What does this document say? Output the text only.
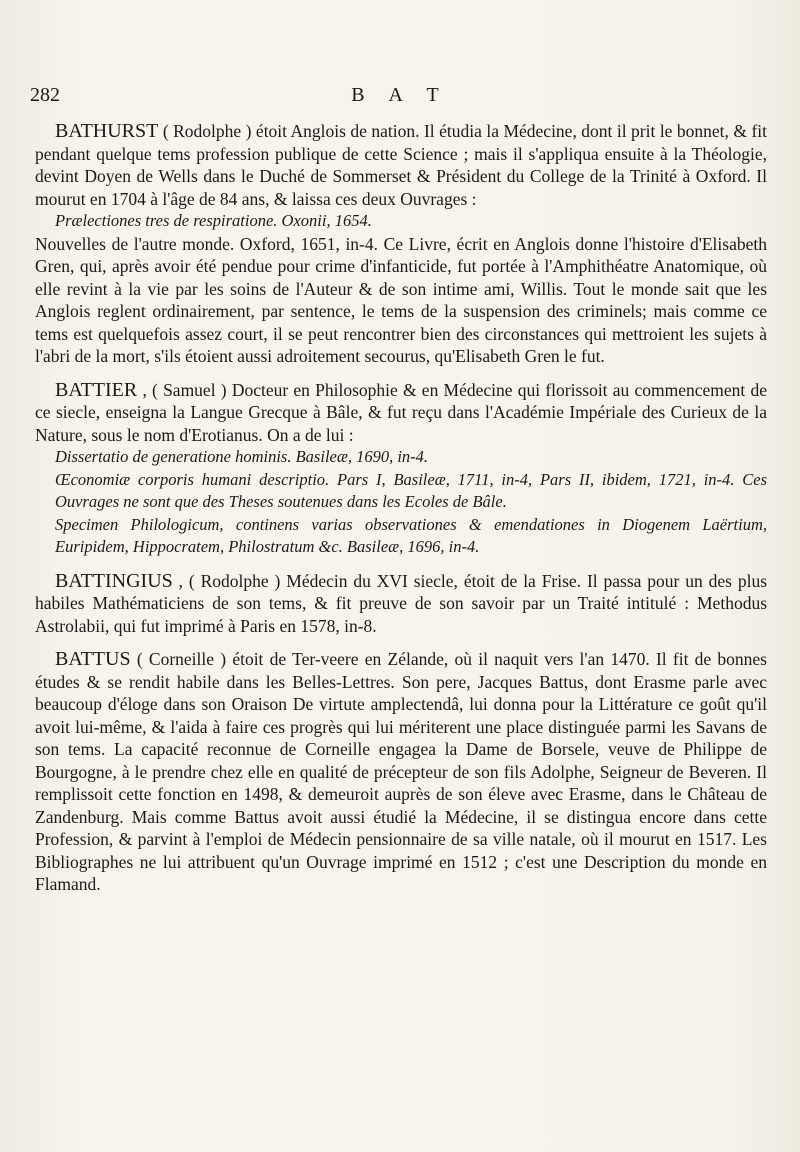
282	B A T

BATHURST ( Rodolphe ) étoit Anglois de nation. Il étudia la Médecine, dont il prit le bonnet, & fit pendant quelque tems profession publique de cette Science ; mais il s'appliqua ensuite à la Théologie, devint Doyen de Wells dans le Duché de Sommerset & Président du College de la Trinité à Oxford. Il mourut en 1704 à l'âge de 84 ans, & laissa ces deux Ouvrages :

Prælectiones tres de respiratione. Oxonii, 1654.

Nouvelles de l'autre monde. Oxford, 1651, in-4. Ce Livre, écrit en Anglois donne l'histoire d'Elisabeth Gren, qui, après avoir été pendue pour crime d'infanticide, fut portée à l'Amphithéatre Anatomique, où elle revint à la vie par les soins de l'Auteur & de son intime ami, Willis. Tout le monde sait que les Anglois reglent ordinairement, par sentence, le tems de la suspension des criminels; mais comme ce tems est quelquefois assez court, il se peut rencontrer bien des circonstances qui mettroient les sujets à l'abri de la mort, s'ils étoient aussi adroitement secourus, qu'Elisabeth Gren le fut.

BATTIER , ( Samuel ) Docteur en Philosophie & en Médecine qui florissoit au commencement de ce siecle, enseigna la Langue Grecque à Bâle, & fut reçu dans l'Académie Impériale des Curieux de la Nature, sous le nom d'Erotianus. On a de lui :

Dissertatio de generatione hominis. Basileæ, 1690, in-4.

Œconomiæ corporis humani descriptio. Pars I, Basileæ, 1711, in-4, Pars II, ibidem, 1721, in-4. Ces Ouvrages ne sont que des Theses soutenues dans les Ecoles de Bâle.

Specimen Philologicum, continens varias observationes & emendationes in Diogenem Laërtium, Euripidem, Hippocratem, Philostratum &c. Basileæ, 1696, in-4.

BATTINGIUS , ( Rodolphe ) Médecin du XVI siecle, étoit de la Frise. Il passa pour un des plus habiles Mathématiciens de son tems, & fit preuve de son savoir par un Traité intitulé : Methodus Astrolabii, qui fut imprimé à Paris en 1578, in-8.

BATTUS ( Corneille ) étoit de Ter-veere en Zélande, où il naquit vers l'an 1470. Il fit de bonnes études & se rendit habile dans les Belles-Lettres. Son pere, Jacques Battus, dont Erasme parle avec beaucoup d'éloge dans son Oraison De virtute amplectendâ, lui donna pour la Littérature ce goût qu'il avoit lui-même, & l'aida à faire ces progrès qui lui mériterent une place distinguée parmi les Savans de son tems. La capacité reconnue de Corneille engagea la Dame de Borsele, veuve de Philippe de Bourgogne, à le prendre chez elle en qualité de précepteur de son fils Adolphe, Seigneur de Beveren. Il remplissoit cette fonction en 1498, & demeuroit auprès de son éleve avec Erasme, dans le Château de Zandenburg. Mais comme Battus avoit aussi étudié la Médecine, il se distingua encore dans cette Profession, & parvint à l'emploi de Médecin pensionnaire de sa ville natale, où il mourut en 1517. Les Bibliographes ne lui attribuent qu'un Ouvrage imprimé en 1512 ; c'est une Description du monde en Flamand.
